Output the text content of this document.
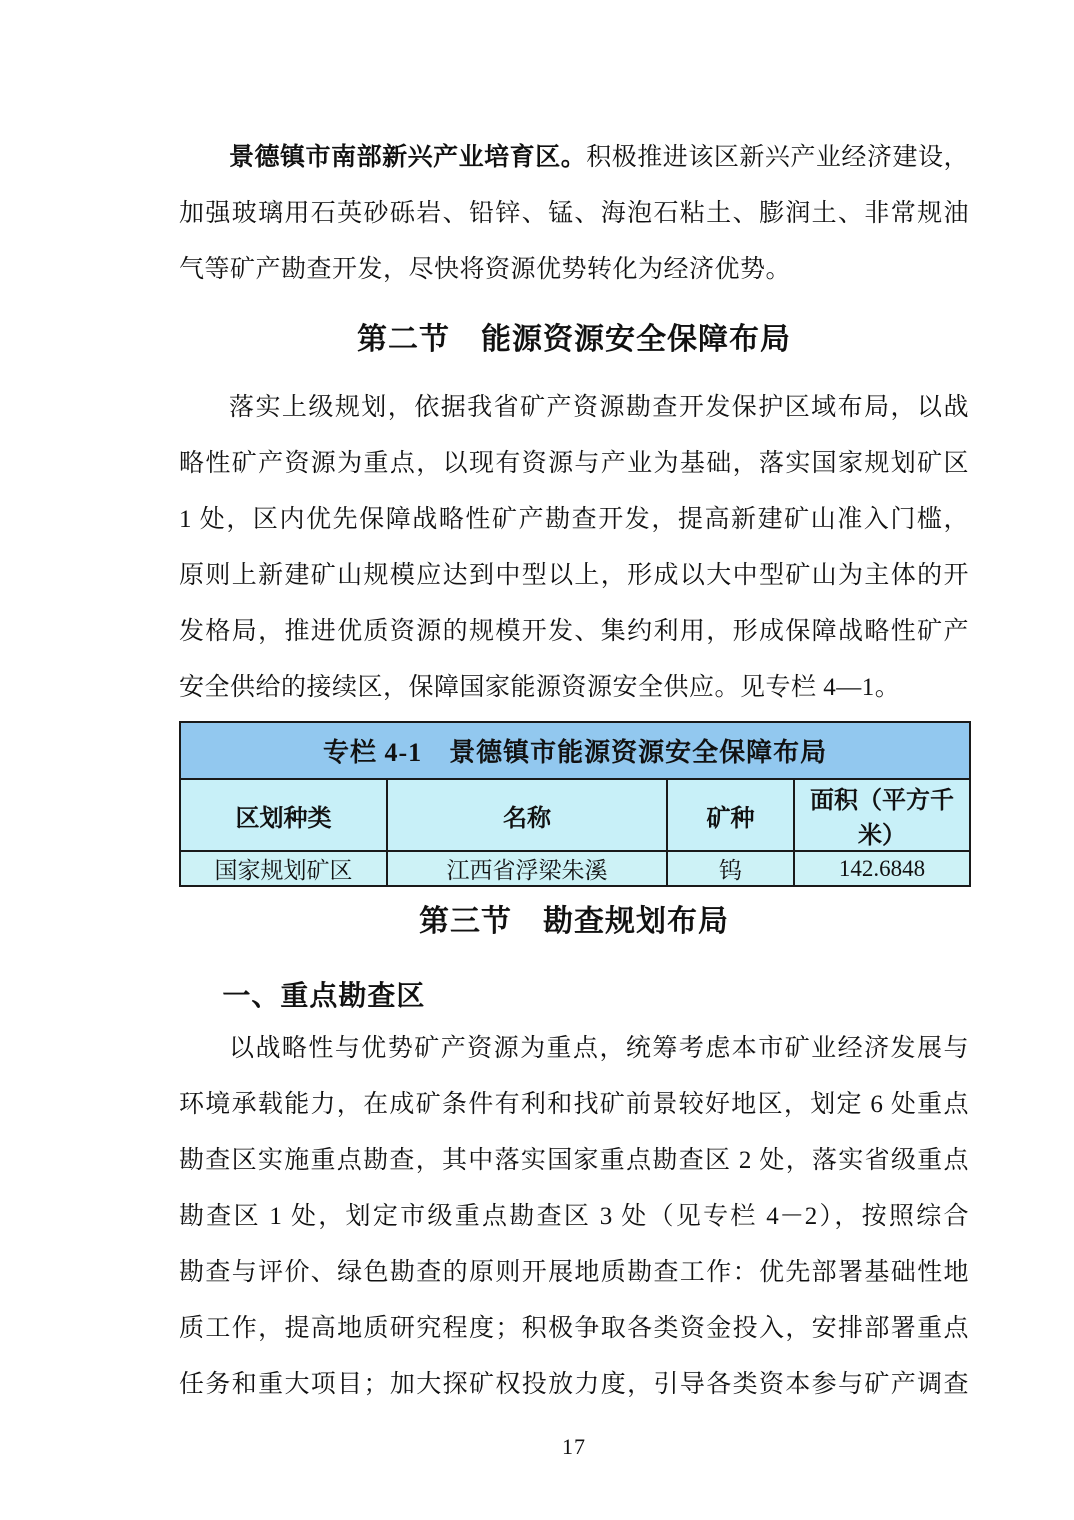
景德镇市南部新兴产业培育区。积极推进该区新兴产业经济建设，

加强玻璃用石英砂砾岩、铅锌、锰、海泡石粘土、膨润土、非常规油

气等矿产勘查开发，尽快将资源优势转化为经济优势。

第二节　能源资源安全保障布局

落实上级规划，依据我省矿产资源勘查开发保护区域布局，以战

略性矿产资源为重点，以现有资源与产业为基础，落实国家规划矿区

1 处，区内优先保障战略性矿产勘查开发，提高新建矿山准入门槛，

原则上新建矿山规模应达到中型以上，形成以大中型矿山为主体的开

发格局，推进优质资源的规模开发、集约利用，形成保障战略性矿产

安全供给的接续区，保障国家能源资源安全供应。见专栏 4—1。

专栏 4-1　景德镇市能源资源安全保障布局			
区划种类	名称	矿种	面积（平方千米）
国家规划矿区	江西省浮梁朱溪	钨	142.6848
第三节　勘查规划布局
一、重点勘查区

以战略性与优势矿产资源为重点，统筹考虑本市矿业经济发展与

环境承载能力，在成矿条件有利和找矿前景较好地区，划定 6 处重点

勘查区实施重点勘查，其中落实国家重点勘查区 2 处，落实省级重点

勘查区 1 处，划定市级重点勘查区 3 处（见专栏 4－2），按照综合

勘查与评价、绿色勘查的原则开展地质勘查工作：优先部署基础性地

质工作，提高地质研究程度；积极争取各类资金投入，安排部署重点

任务和重大项目；加大探矿权投放力度，引导各类资本参与矿产调查

17
